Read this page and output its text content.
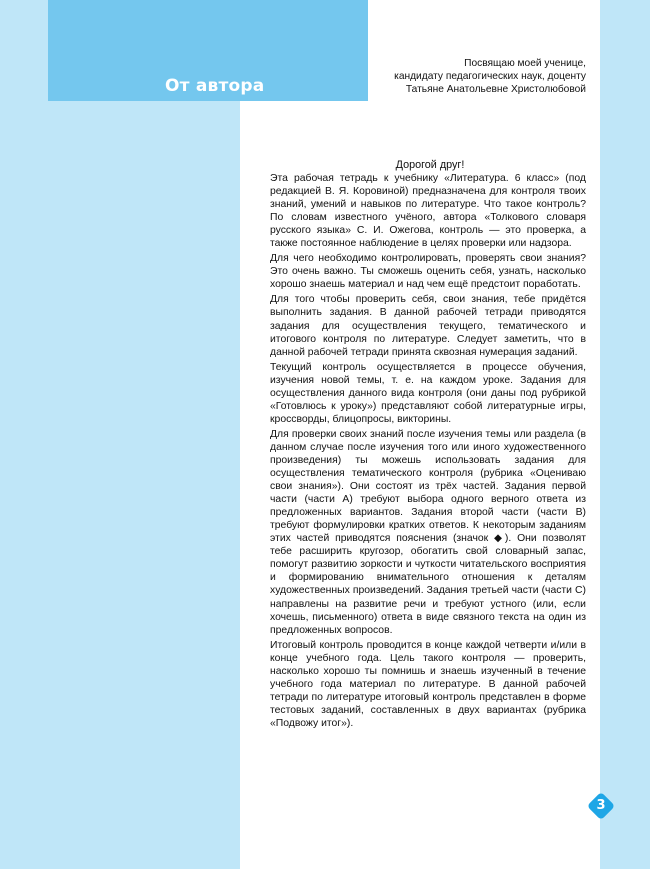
От автора
Посвящаю моей ученице,
кандидату педагогических наук, доценту
Татьяне Анатольевне Христолюбовой
Дорогой друг!

Эта рабочая тетрадь к учебнику «Литература. 6 класс» (под редакцией В. Я. Коровиной) предназначена для контроля твоих знаний, умений и навыков по литературе. Что такое контроль? По словам известного учёного, автора «Толкового словаря русского языка» С. И. Ожегова, контроль — это проверка, а также постоянное наблюдение в целях проверки или надзора.

Для чего необходимо контролировать, проверять свои знания? Это очень важно. Ты сможешь оценить себя, узнать, насколько хорошо знаешь материал и над чем ещё предстоит поработать.

Для того чтобы проверить себя, свои знания, тебе придётся выполнить задания. В данной рабочей тетради приводятся задания для осуществления текущего, тематического и итогового контроля по литературе. Следует заметить, что в данной рабочей тетради принята сквозная нумерация заданий.

Текущий контроль осуществляется в процессе обучения, изучения новой темы, т. е. на каждом уроке. Задания для осуществления данного вида контроля (они даны под рубрикой «Готовлюсь к уроку») представляют собой литературные игры, кроссворды, блицопросы, викторины.

Для проверки своих знаний после изучения темы или раздела (в данном случае после изучения того или иного художественного произведения) ты можешь использовать задания для осуществления тематического контроля (рубрика «Оцениваю свои знания»). Они состоят из трёх частей. Задания первой части (части А) требуют выбора одного верного ответа из предложенных вариантов. Задания второй части (части В) требуют формулировки кратких ответов. К некоторым заданиям этих частей приводятся пояснения (значок ◆). Они позволят тебе расширить кругозор, обогатить свой словарный запас, помогут развитию зоркости и чуткости читательского восприятия и формированию внимательного отношения к деталям художественных произведений. Задания третьей части (части С) направлены на развитие речи и требуют устного (или, если хочешь, письменного) ответа в виде связного текста на один из предложенных вопросов.

Итоговый контроль проводится в конце каждой четверти и/или в конце учебного года. Цель такого контроля — проверить, насколько хорошо ты помнишь и знаешь изученный в течение учебного года материал по литературе. В данной рабочей тетради по литературе итоговый контроль представлен в форме тестовых заданий, составленных в двух вариантах (рубрика «Подвожу итог»).

3
